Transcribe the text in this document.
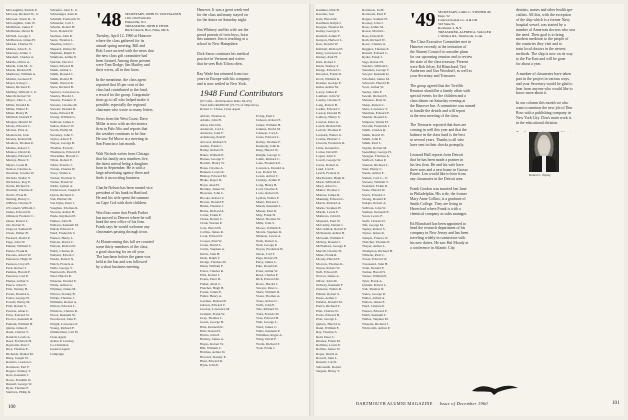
McLaughlin, Patrick E.
McLean, Richard W., Jr.
McLean, Stuart R., Jr.
McLoughlin, John W.
McMahon, James F.
McManus, David B.
McNeil, George J.
McPherson, James H.
Mackie, Charles W.
Mallen, John P., Jr.
Maloney, Arthur J.
Marshall, Charles A.
Marble, Oliver A.
Martin, John M., Jr.
Mason, Richard H.
Matthews, William A.
Maxim, Leonard E.
Mayer, Irving C.
Meers, Richard E.
Melling, William J., Jr.
Merrill, Robert W.
Meyer, John C., Jr.
Miller, Donald K.
Miller, Walter E.
Miner, Henry B.
Mitchell, Donald F.
Morgan, Merritt W.
Morse, Edward C.
Morton, Eliot A.
Moskowitz, Jack
Mosley, Roland M.
Moulton, Thomas P.
Mullen, Robert J.
Munroe, David R.
Murphy, Edward J.
Murray, Bruce T.
Myers, Louis H.
Nelson, Charles A.
Newman, Jerome W.
Nichols, Walter S.
Nicholson, Roy E.
Noble, Richard S.
Norman, Thomas P.
Norris, Evan B.
Nutting, Henry C.
O'Brien, Charles F.
O'Connell, William J.
Oakes, Edward D.
Olmsted, Frederic C.
Olsen, Robert L.
Orr, Robert P.
Osgood, Samuel B.
Owen, Walter B.
Packard, David P.
Page, John W.
Palmer, William T.
Parker, Frank R.
Parsons, Albert W.
Patterson, Hugh W.
Pearson, Lloyd E.
Peck, Robert J.
Perkins, Harold F.
Peterson, Carl E.
Phelps, Arthur S.
Pierce, John N.
Pitts, Stanley H.
Porter, Donald A.
Potter, George H.
Powell, Henry M.
Pratt, Robert S.
Preston, Allan C.
Price, Edward W.
Proctor, Kenneth R.
Putnam, William B.
Quinn, James P.
Rand, Charles T.
Randall, Lewis A.
Reed, Frederick H.
Reynolds, Paul J.
Rice, Thomas E.
Richards, Daniel M.
Riley, Joseph W.
Roberts, Gordon L.
Robinson, Earl F.
Rogers, Stanley T.
Ross, Kenneth J.
Rowe, Franklin D.
Russell, George W.
Ryan, Thomas F.
Sanborn, Philip R.
Schaefer, John F., Jr.
Schlesinger, Alan R.
Schmidt, Frederick W.
Schneider, Carl J.
Schultz, Robert H.
Scott, Donald W.
Seaman, John R.
Sears, Thomas L.
Sheehan, John C.
Shepard, Walter M.
Shipman, Ralph E.
Simmons, Arthur P.
Sinclair, David J.
Slater, Edward B.
Smith, Arthur L.
Smith, Donald C.
Smith, Robert H.
Smith, Warren K.
Snow, Richard B.
Spencer, Lawrence A.
Stanley, Harold J.
Stearns, Frederic P.
Stevens, Charles M.
Stewart, Donald R.
Stone, Edward H.
Strong, William G.
Sullivan, James L.
Sutton, Robert W.
Swain, Philip M.
Sweeney, John T.
Taylor, Albert F.
Thayer, George B.
Thomas, Evan R.
Thompson, Edward P.
Thorndike, Harold C.
Tilton, Robert E.
Tobin, Francis J.
Towne, Charles H.
Tracy, Walter L.
Tucker, Norman S.
Turner, Frank W.
Tuttle, Lyman A.
Underwood, Joseph P.
Upton, Richard C.
Vail, Herbert M.
Van Dyke, Peter J.
Vaughan, Thomas R.
Vincent, Arthur B.
Wade, Raymond E.
Walker, John H.
Wallace, Kenneth M.
Walsh, Edward T.
Ward, Frederick S.
Warner, Henry L.
Warren, David C.
Watson, Richard P.
Webb, Charles D.
Webster, Edwin J.
Weeks, Robert N.
Welch, Francis A.
Wells, George T.
Wentworth, Paul H.
West, Harold R.
Wheeler, Donald E.
White, Arthur G.
Whitney, James M.
Wilcox, Stanley B.
Wilder, Thomas J.
Williams, Robert A.
Wilson, Edward L.
Winslow, Charles R.
Wood, Kenneth W.
Woodward, John E.
Wright, Lawrence P.
Young, Richard F.
Zimmerman, Carl H.
Class Agent
Arthur P. Lindsay
Co-Chairman
General Agent
Campaign
'48 SECRETARY, JOHN W. VAN HAASEN
1101 Old Farm Rd.
Plainsville, N.J.
TREASURER, JOHN P. HYDE
Brick Church, Box, Niles, Mich.
Tuesday, April 12, 1960 at Hanover
where the class gathered for its
annual spring meeting. Bill and
Bob Lowe arrived with the news that
the new class gift committee had
been formed. Among those present
were Tom Dodge, Jim Hartley and
their wives, all in fine form.

In the meantime, the class agent
reported that 65 per cent of the
class had contributed to the fund,
a record for the group. Congratula-
tions go to all who helped make it
possible, especially the regional
chairmen who wrote so many letters.

News from the West Coast: Dave
Miller is now with an electronics
firm in Palo Alto and reports that
the weather continues to be fine.
He saw Ed Morse at a meeting in
San Francisco last month.

Walt Nichols writes from Chicago
that his family now numbers five,
the latest arrival being a daughter
born in September. He is with a
large advertising agency there and
finds it an exciting business.

Charlie Nelson has been named vice
president of his bank in Hartford.
He and his wife spent the summer
on Cape Cod with their children.

Word has come that Frank Parker
has moved to Denver where he will
head the new office of his firm.
Frank says he would welcome any
classmates passing through town.

At Homecoming this fall we counted
some thirty members of the class,
a good showing for an off year.
The luncheon before the game was
held at the Inn and was followed
by a short business meeting.
Hanover. It was a great week-end
for the class and many stayed on
for the dance on Saturday night.

Jim Whitney and his wife are the
proud parents of twin boys, born
this summer. Jim is teaching at a
school in New Hampshire.

Dick Snow continues his medical
practice in Vermont and writes
that he sees Bob Tilton often.

Ray Wade has returned from two
years in Europe with his company
and is now settled in New York.

1948 Fund Contributors
(97 Gifts—Participation Ratio 64.4%)
Total Gifts $9,900.00 (72.7% of Objective)
Robert C. Chase, Class Agent
Abbott, Thomas A.
Adams, John B.
Allen, David R.
Anderson, Carl L.
Andrews, John F.
Armstrong, Paul E.
Atwood, Richard S.
Austin, Frank C.
Bailey, Robert H.
Baker, William E.
Barnes, George T.
Bartlett, Henry W.
Bates, Charles A.
Bennett, Lewis R.
Bishop, Edward M.
Blake, Roger D.
Boyd, Alan H.
Bradley, James W.
Brewster, John C.
Brooks, Robert T.
Brown, Donald F.
Burke, Thomas J.
Burns, Richard A.
Carter, Frank E.
Chase, Robert C.
Clark, Warren P.
Cole, Harold B.
Collins, James R.
Cook, Edward S.
Cooper, Paul W.
Crane, David L.
Curtis, Stephen A.
Davis, John H.
Dean, Ralph T.
Dodge, Thomas M.
Dunn, William F.
Eaton, Charles R.
Ellis, Robert J.
Evans, Peter D.
Fisher, Allan C.
Fletcher, Hugh B.
Foster, James E.
Fuller, Henry A.
Gardner, Richard P.
Gibson, Edward T.
Gordon, Lawrence M.
Graham, Frank W.
Gray, Thomas L.
Green, George H.
Hale, Kenneth R.
Hall, Donald S.
Harris, John P.
Hartley, James A.
Hayes, Robert W.
Hill, William C.
Holmes, Arthur D.
Howard, Stanley E.
Hunt, Edward R.
Hyde, John P.
Irving, Paul J.
Jackson, Robert E.
James, William H.
Jenkins, David M.
Johnson, Carl A.
Jones, Edward L.
Kelley, Thomas F.
Kennedy, John R.
King, Harold W.
Knight, George S.
Lamb, Richard C.
Lane, Frederick P.
Lawrence, Donald A.
Lee, Robert M.
Lewis, Arthur T.
Lindsay, Arthur P.
Long, Henry B.
Lord, Charles E.
Lowe, Robert D.
Lyman, Walter F.
Mann, Edward J.
Marsh, Kenneth L.
Mason, Paul R.
May, Frank H.
Mead, Thomas W.
Mills, John S.
Moore, William E.
Morris, Stephen D.
Munson, Lewis A.
Nash, Robert G.
Neal, George P.
Noyes, Frederick B.
Olson, Carl T.
Page, Robert H.
Perry, James L.
Pike, Donald R.
Pond, Arthur W.
Reed, Charles F.
Rich, Edward M.
Rowe, Harold J.
Sawyer, Peter L.
Shaw, William D.
Sloan, Thomas A.
Stone, Robert C.
Swift, John E.
Tate, Richard W.
Todd, Francis M.
Vose, Edward H.
Wait, George L.
Ward, James C.
Wells, Kenneth P.
Whitman, Roger A.
Wing, David F.
Wolfe, Richard T.
York, Frank J.
100
Kammer, Dirk B.
Karolan, Joel
Katz, Harold R.
Kaufman, Ralph J.
Keegan, Thomas M.
Kelley, George S.
Kendall, Arthur F.
Kenyon, Herbert L.
Kerr, Donald W.
Kimball, Richard E.
King, Lawrence A.
Kinney, Paul H.
Kirk, Robert J.
Klein, Stanley T.
Knapp, Edward C.
Knowles, Frank D.
Koch, William R.
Kramer, George E.
Kuhn, Arthur M.
Lacey, James P.
Lambert, John W.
Landry, Charles F.
Lang, Robert B.
Larkin, Edward J.
Larson, Donald H.
Lathrop, Henry S.
Lawton, Peter A.
Leach, Richard M.
Leavitt, Thomas E.
Leonard, Walter G.
Levine, Herbert J.
Lincoln, Frederick R.
Little, Kenneth L.
Locke, David P.
Logan, John T.
Lovell, George W.
Lucas, Robert A.
Lund, Carl E.
Lynch, Francis X.
MacDonald, Hugh R.
Mack, William D.
Macy, Albert C.
Maher, Thomas J.
Malone, James R.
Manning, Edward L.
March, Richard A.
Marks, Stephen H.
Martin, Lewis F.
Mathews, John D.
Maynard, Paul W.
McCarthy, Daniel J.
McCormick, Robert E.
McDonald, Arthur B.
McGrath, William T.
McKay, Donald J.
McNamara, George P.
Merrill, Charles H.
Miles, Frank R.
Moody, Harold E.
Morrow, Thomas K.
Nason, Robert W.
Neff, Edward P.
Norton, James A.
Oliver, John M.
Ordway, Kenneth F.
Osborne, Walter R.
Palmer, Robert S.
Pease, Arthur J.
Perkins, Donald M.
Pierce, Richard T.
Platt, Charles W.
Poole, Edward B.
Pratt, George L.
Quincy, Harold A.
Rand, William F.
Ray, Thomas S.
Reid, Peter C.
Rhodes, Frank M.
Robbins, Lewis E.
Rollins, James W.
Roper, David A.
Rowell, John L.
Russell, Carl P.
Saltonstall, Robert
Sargent, Henry T.
Robinson, Ira B.
Rockwell, Paul F.
Rogers, Samuel H.
Rooney, John J.
Rose, Arthur M.
Rosen, Martin L.
Ross, Donald E.
Roth, Richard W.
Rowe, Charles A.
Ruggles, Thomas P.
Russell, Edward C.
Ryder, Frank J.
Sage, Robert H.
Sanders, William L.
Saunders, George T.
Sawyer, Kenneth D.
Schofield, James M.
Schwartz, Harold B.
Scott, Arthur W.
Seeley, John F.
Sewall, Richard E.
Shannon, Peter R.
Sharp, Robert C.
Shaw, Lawrence T.
Sherman, Edward F.
Shields, Donald A.
Simpson, Walter H.
Slocum, Frederick J.
Smith, Charles R.
Smith, David W.
Smith, John E.
Smith, Paul L.
Snyder, Robert M.
Spaulding, George H.
Sprague, Thomas A.
Stafford, James P.
Stanton, Richard L.
Starr, Henry C.
Steele, Arthur E.
Steiner, Carl C., Jr.
Stevens, William T.
Stoddard, Frank R.
Stone, Harold W.
Storrs, Edward J.
Strong, Donald P.
Sturgis, Robert A.
Sullivan, John W.
Sumner, Kenneth E.
Swan, Lewis F.
Swift, Charles D.
Taft, George M.
Tapley, Robert S.
Taylor, James R.
Temple, Francis W.
Thatcher, Thomas E.
Thayer, Arthur L.
Thompson, Richard H.
Tibbetts, Paul C.
Tower, Edward W.
Townsend, John H.
Train, Donald F.
Tucker, Harold S.
Turner, William P.
Tyler, Frank A.
Upham, Robert L.
Vail, Thomas D.
Vance, George R.
Waller, Alfred A.
Walton, James E.
Ward, Charles P.
Warner, Edward F.
Webb, Kenneth T.
Welles, Stephen M.
Wheeler, Richard J.
Whitcomb, Arthur P.
'49 SECRETARY, CARL C. STEINER JR.
Dept. 52
Caltown Kodak Co. A & GD
343 State St.
Rochester 4, N.Y.
TREASURER, ALFRED A. WALLER
1 Wallace Rd., Westbrook, Conn.
The Class Executive Committee met in
Hanover recently at the invitation of
the Alumni Council to consider plans
for our upcoming reunion and to review
the state of the class treasury. Present
were Bob Jelser, Ed Blanchard, Ted
Anderson and Gus Woodruff, as well as
your Secretary and Treasurer.

The group agreed that the Twelfth
Reunion should be a family affair with
special events for the children and a
class dinner on Saturday evening at
the Hanover Inn. A committee was named
to handle the details and will report
at the next meeting of the class.

The Treasurer reported that dues are
coming in well this year and that the
balance in the class fund is the best
in several years. Thanks to all who
have sent in their checks promptly.

Leonard Hall reports from Detroit
that he has been made a partner in
his law firm. He and his wife have
three sons and a new home in Grosse
Pointe. Len would like to hear from
any classmates in the Detroit area.

Frank Gordon was married last June
in Philadelphia. His wife, the former
Mary Anne Collins, is a graduate of
Smith College. They are living in
Haverford where Frank is with a
chemical company as sales manager.

Ed Blanchard has been appointed to
head the research department of his
company in New Jersey and has been
traveling widely in connection with
his new duties. He saw Hal Moody at
a conference in Atlantic City.
dentists, nurses and other health spe-
cialists. All this, with the exception
of the ship which is a former Navy
hospital vessel, was started by a
number of American doctors who saw
the need. Their goal is to bring
modern medicine to the people of
the countries they visit and to
train local doctors in the newest
methods. The ship is now on its way
to the Far East and will be gone
for about a year.

A number of classmates have taken
part in the project in various ways,
and your Secretary would be glad to
hear from anyone who would like to
know more about it.

In our column this month we also
want to mention the new job of Don
Ross with a publishing company in
New York City. Don's main work is
in the educational division.

Robert L. Tapley
DARTMOUTH ALUMNI MAGAZINE Issue of December 1960	101
